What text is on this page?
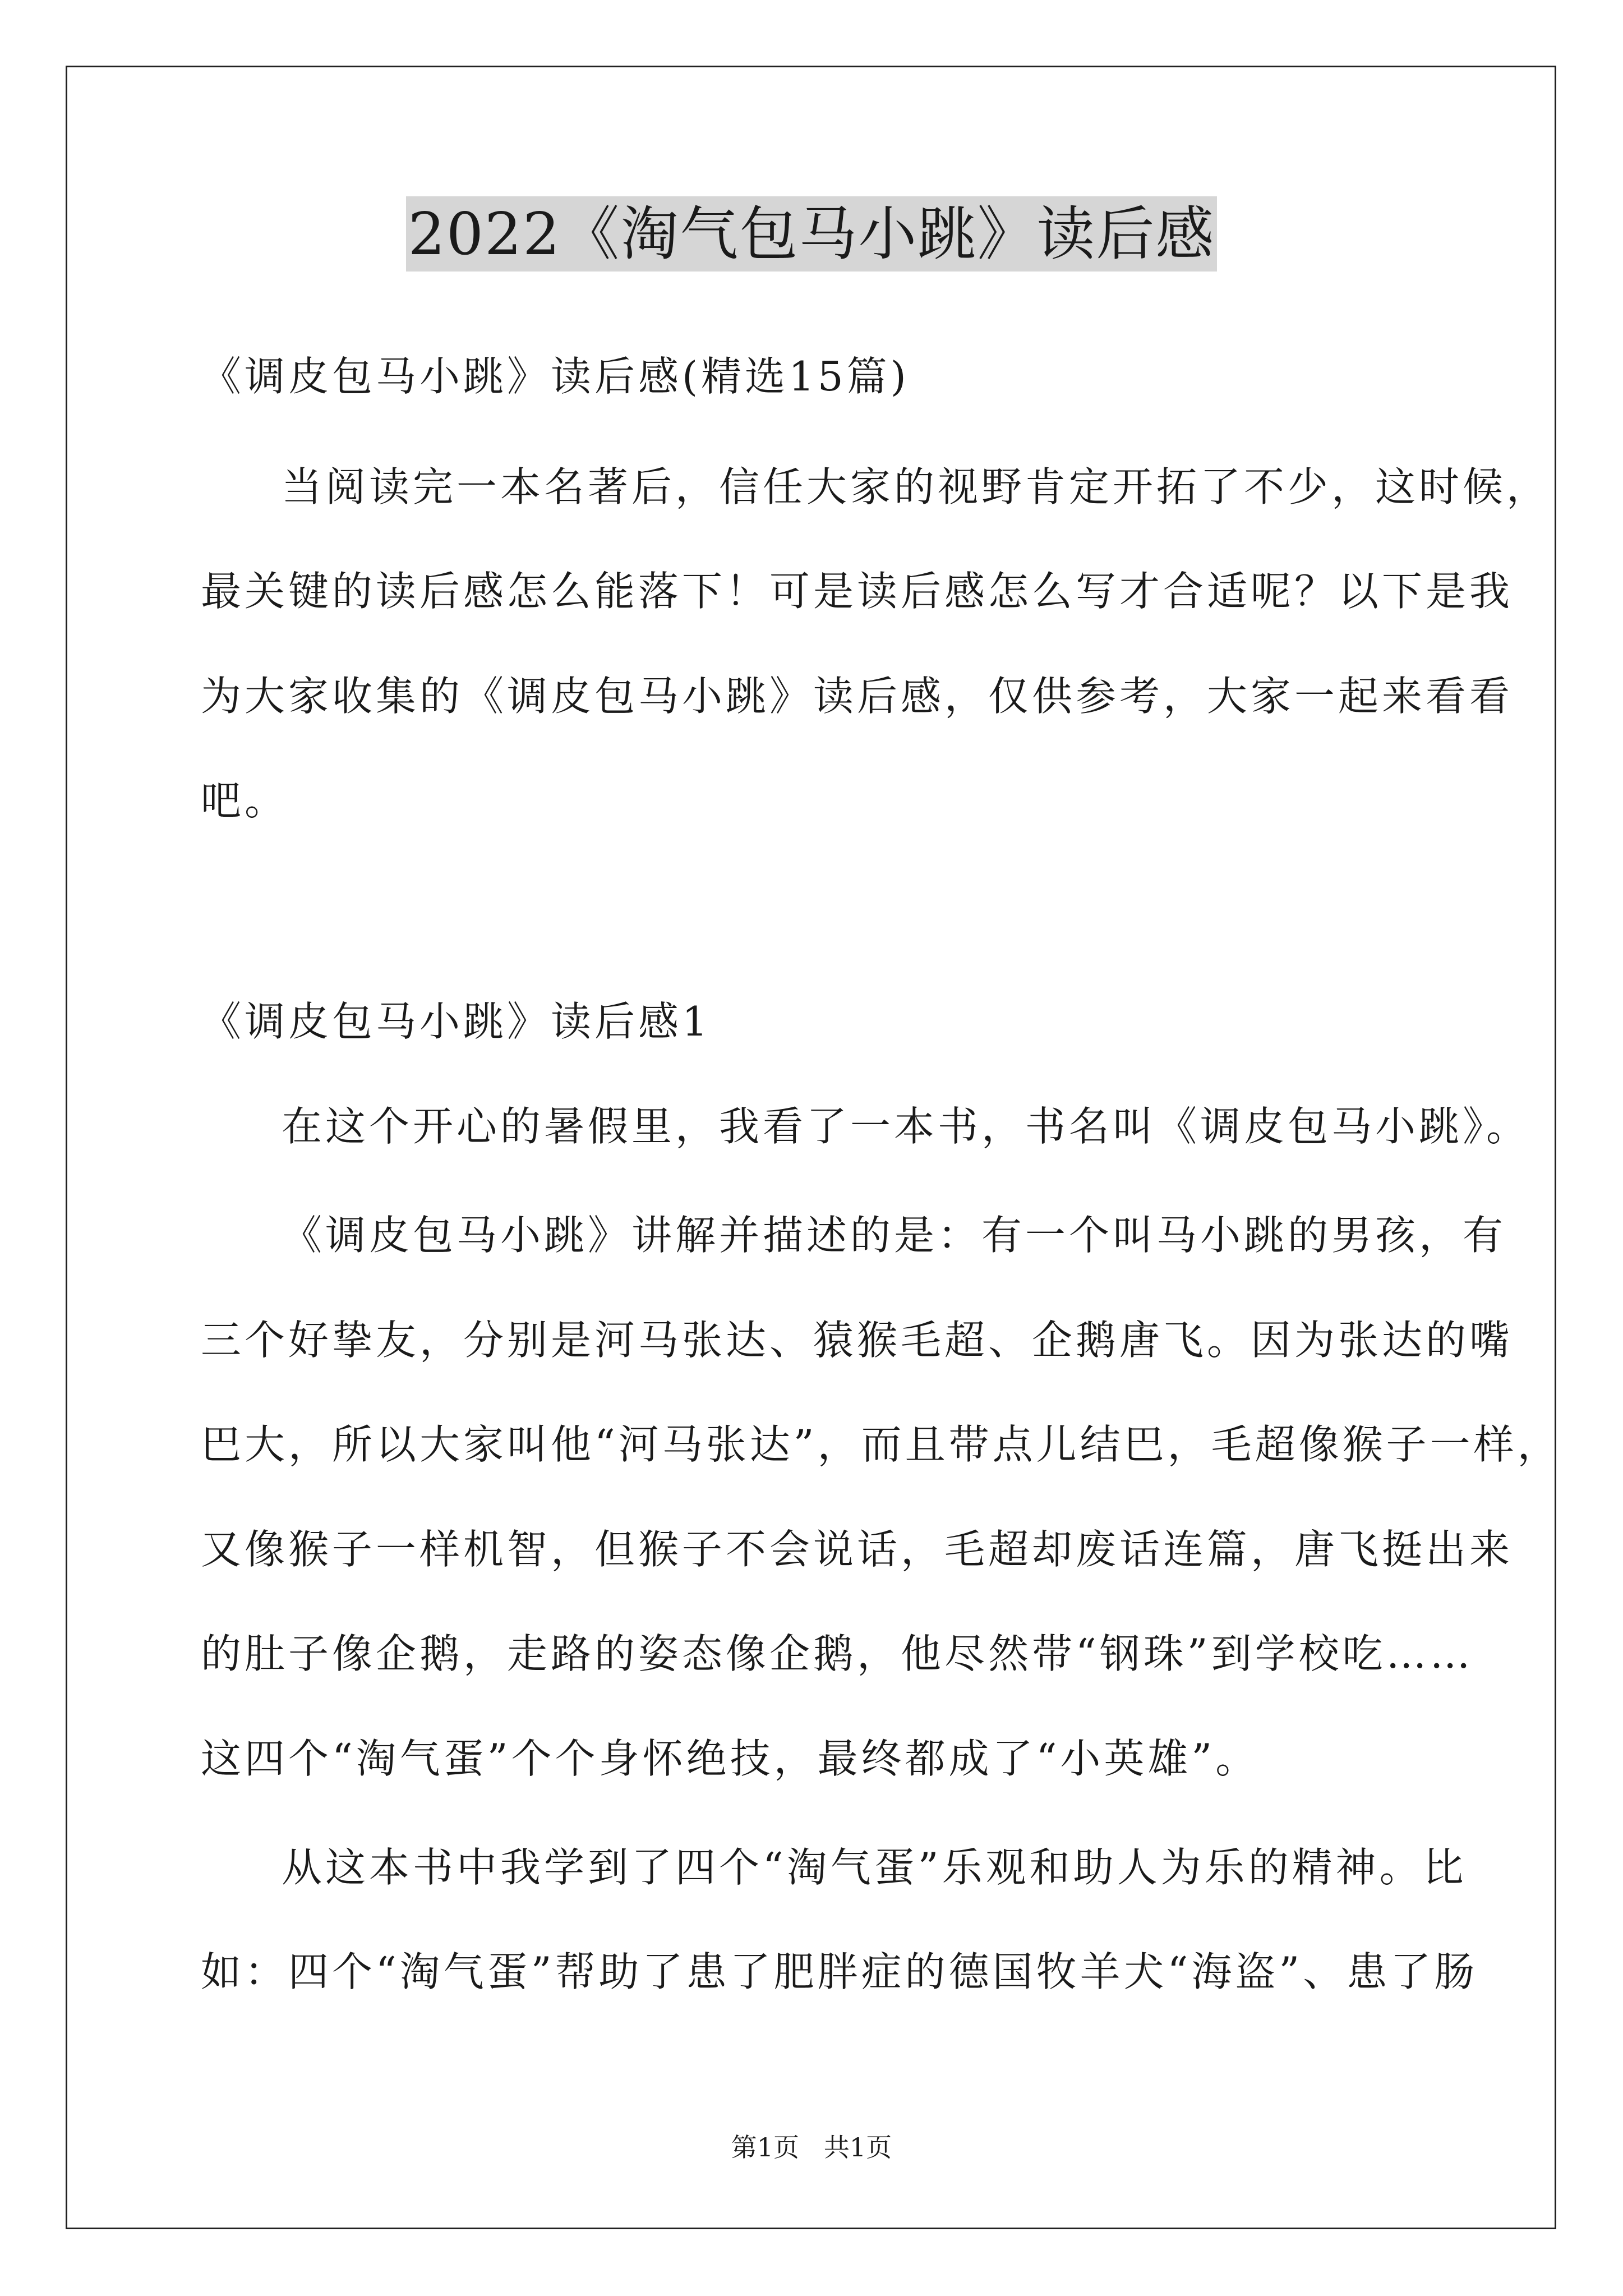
2022《淘气包马小跳》读后感
《调皮包马小跳》读后感(精选15篇)
当阅读完一本名著后，信任大家的视野肯定开拓了不少，这时候，
最关键的读后感怎么能落下！可是读后感怎么写才合适呢？以下是我
为大家收集的《调皮包马小跳》读后感，仅供参考，大家一起来看看
吧。
《调皮包马小跳》读后感1
在这个开心的暑假里，我看了一本书，书名叫《调皮包马小跳》。
《调皮包马小跳》讲解并描述的是：有一个叫马小跳的男孩，有
三个好挚友，分别是河马张达、猿猴毛超、企鹅唐飞。因为张达的嘴
巴大，所以大家叫他“河马张达”，而且带点儿结巴，毛超像猴子一样，
又像猴子一样机智，但猴子不会说话，毛超却废话连篇，唐飞挺出来
的肚子像企鹅，走路的姿态像企鹅，他尽然带“钢珠”到学校吃……
这四个“淘气蛋”个个身怀绝技，最终都成了“小英雄”。
从这本书中我学到了四个“淘气蛋”乐观和助人为乐的精神。比
如：四个“淘气蛋”帮助了患了肥胖症的德国牧羊犬“海盗”、患了肠
第1页   共1页
